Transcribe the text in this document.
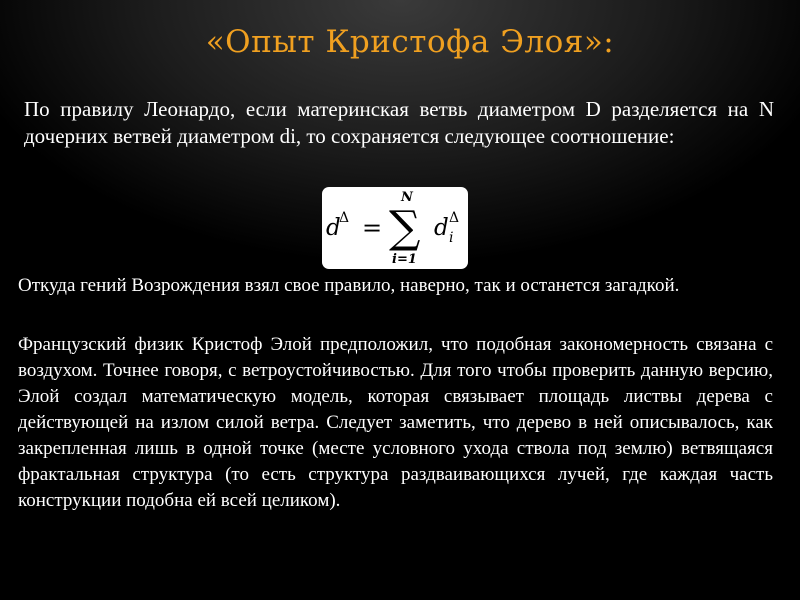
«Опыт Кристофа Элоя»:
По правилу Леонардо, если материнская ветвь диаметром D разделяется на N дочерних ветвей диаметром di, то сохраняется следующее соотношение:
d
Δ =
N
∑
i=1
d Δ
i
Откуда гений Возрождения взял свое правило, наверно, так и останется загадкой.
Французский физик Кристоф Элой предположил, что подобная закономерность связана с воздухом. Точнее говоря, с ветроустойчивостью. Для того чтобы проверить данную версию, Элой создал математическую модель, которая связывает площадь листвы дерева с действующей на излом силой ветра. Следует заметить, что дерево в ней описывалось, как закрепленная лишь в одной точке (месте условного ухода ствола под землю) ветвящаяся фрактальная структура (то есть структура раздваивающихся лучей, где каждая часть конструкции подобна ей всей целиком).
